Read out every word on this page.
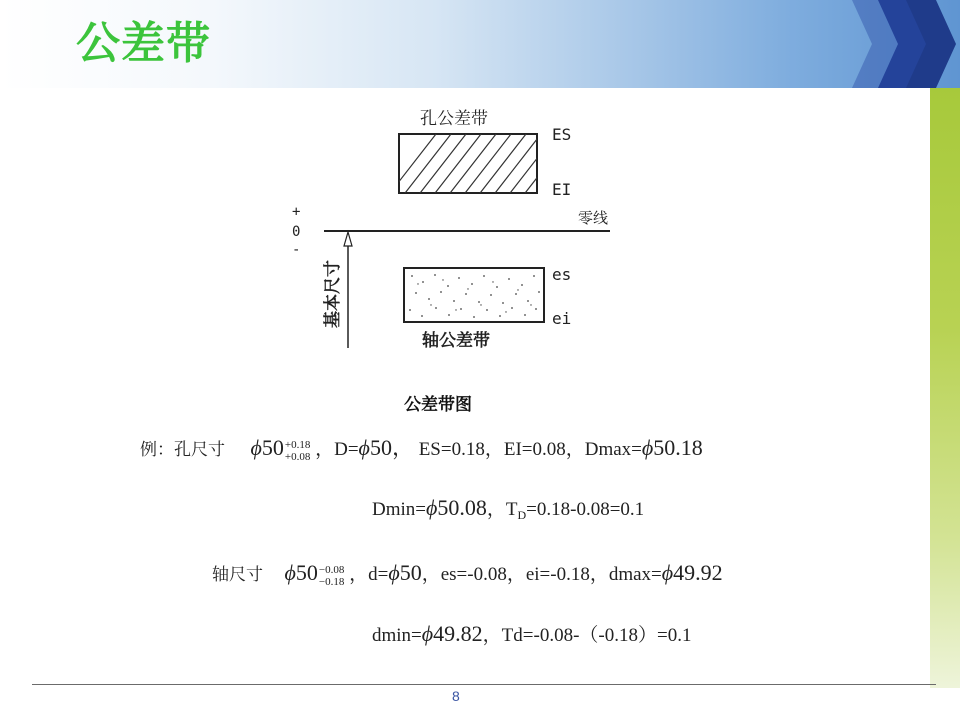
公差带
孔公差带
ES
EI
零线
+
0
-
基本尺寸	es
ei
轴公差带
公差带图
例：孔尺寸 ϕ50 +0.18
+0.08 ，D=ϕ50， ES=0.18，EI=0.08，Dmax=ϕ50.18
Dmin=ϕ50.08，$T_D=0.18-0.08=0.1$
轴尺寸 ϕ50 −0.08
−0.18 ，d=ϕ50，es=-0.08，ei=-0.18，dmax=ϕ49.92
dmin=ϕ49.82，Td=-0.08-（-0.18）=0.1
8
